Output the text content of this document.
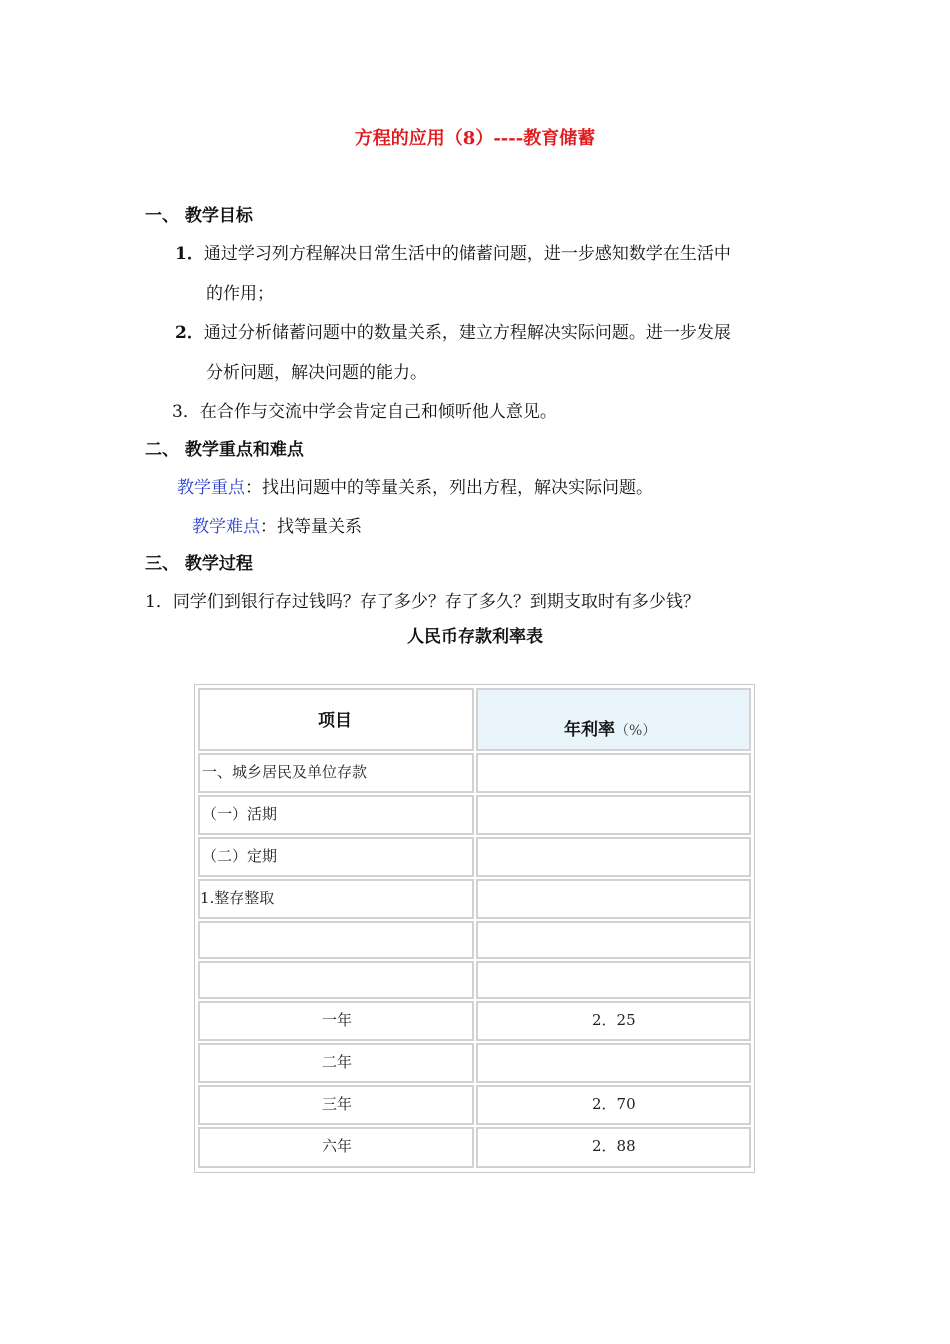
方程的应用（8）----教育储蓄
一、 教学目标
1．通过学习列方程解决日常生活中的储蓄问题，进一步感知数学在生活中
的作用；
2．通过分析储蓄问题中的数量关系，建立方程解决实际问题。进一步发展
分析问题，解决问题的能力。
3．在合作与交流中学会肯定自己和倾听他人意见。
二、 教学重点和难点
教学重点：找出问题中的等量关系，列出方程，解决实际问题。
教学难点：找等量关系
三、 教学过程
1．同学们到银行存过钱吗？存了多少？存了多久？到期支取时有多少钱？
人民币存款利率表
项目	年利率（%）
一、城乡居民及单位存款
（一）活期
（二）定期
1.整存整取
一年	2．25
二年
三年	2．70
六年	2．88
